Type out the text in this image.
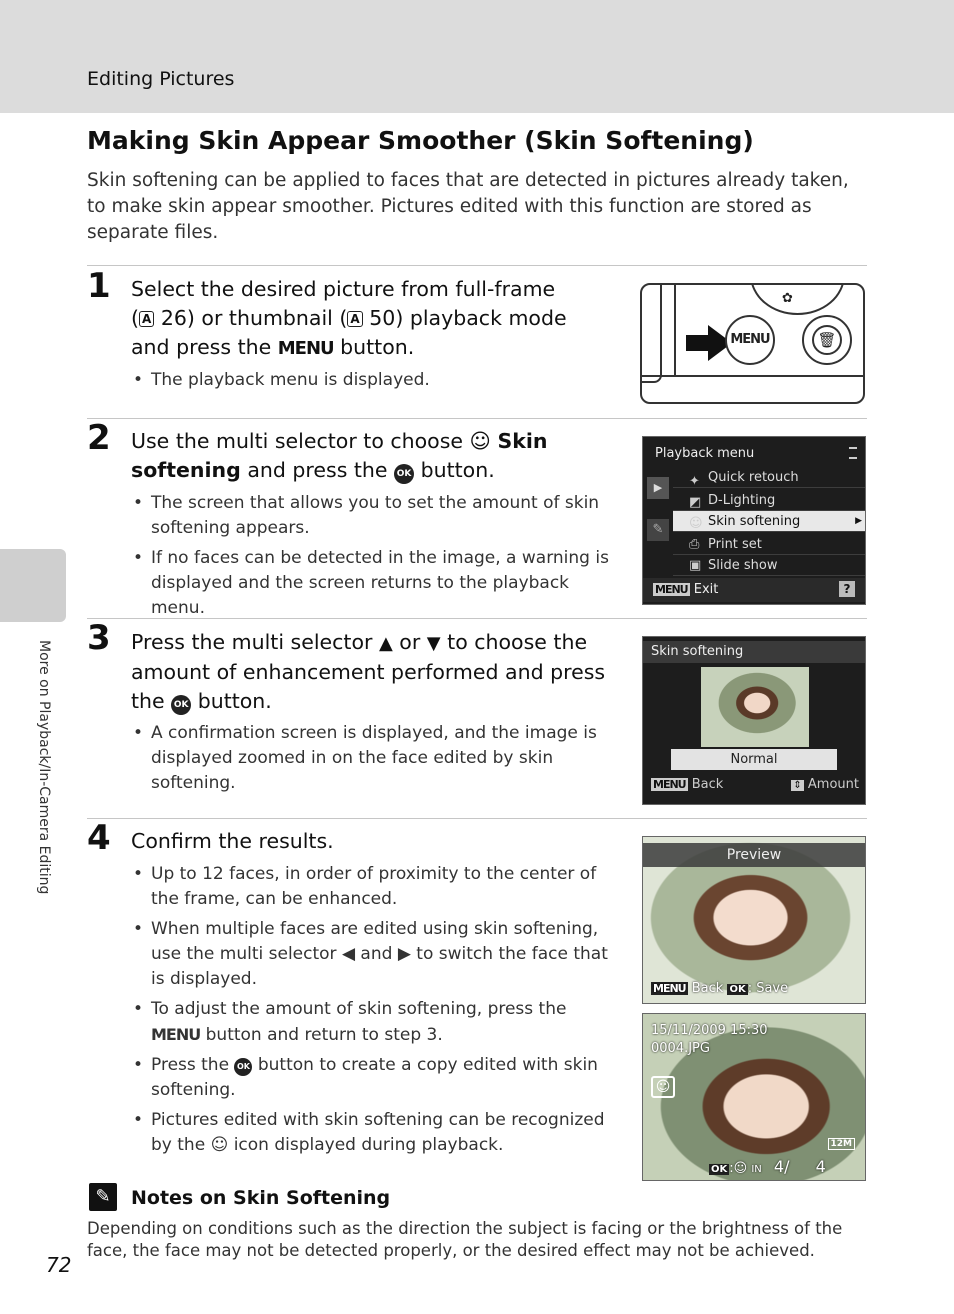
Editing Pictures
More on Playback/In-Camera Editing
Making Skin Appear Smoother (Skin Softening)

Skin softening can be applied to faces that are detected in pictures already taken, to make skin appear smoother. Pictures edited with this function are stored as separate files.

1 Select the desired picture from full-frame
( A 26) or thumbnail ( A 50) playback mode
and press the MENU button.
• The playback menu is displayed.
✿
MENU	🗑
2 Use the multi selector to choose ☺ Skin softening and press the OK button.
• The screen that allows you to set the amount of skin softening appears.
• If no faces can be detected in the image, a warning is displayed and the screen returns to the playback menu.
Playback menu
▶
✎
Quick retouch
D-Lighting
Skin softening	▶
Print set
Slide show
✦
◩
☺
⎙
▣
MENU Exit	?
3 Press the multi selector ▲ or ▼ to choose the amount of enhancement performed and press the OK button.
• A confirmation screen is displayed, and the image is displayed zoomed in on the face edited by skin softening.
Skin softening
Normal
MENU Back	⇕ Amount
4 Confirm the results.
• Up to 12 faces, in order of proximity to the center of the frame, can be enhanced.
• When multiple faces are edited using skin softening, use the multi selector ◀ and ▶ to switch the face that is displayed.
• To adjust the amount of skin softening, press the MENU button and return to step 3.
• Press the OK button to create a copy edited with skin softening.
• Pictures edited with skin softening can be recognized by the ☺ icon displayed during playback.
Preview
MENU Back OK : Save
15/11/2009 15:30
0004.JPG
☺
12M
OK :☺ IN 4/ 4
✎	Notes on Skin Softening

Depending on conditions such as the direction the subject is facing or the brightness of the face, the face may not be detected properly, or the desired effect may not be achieved.

72
